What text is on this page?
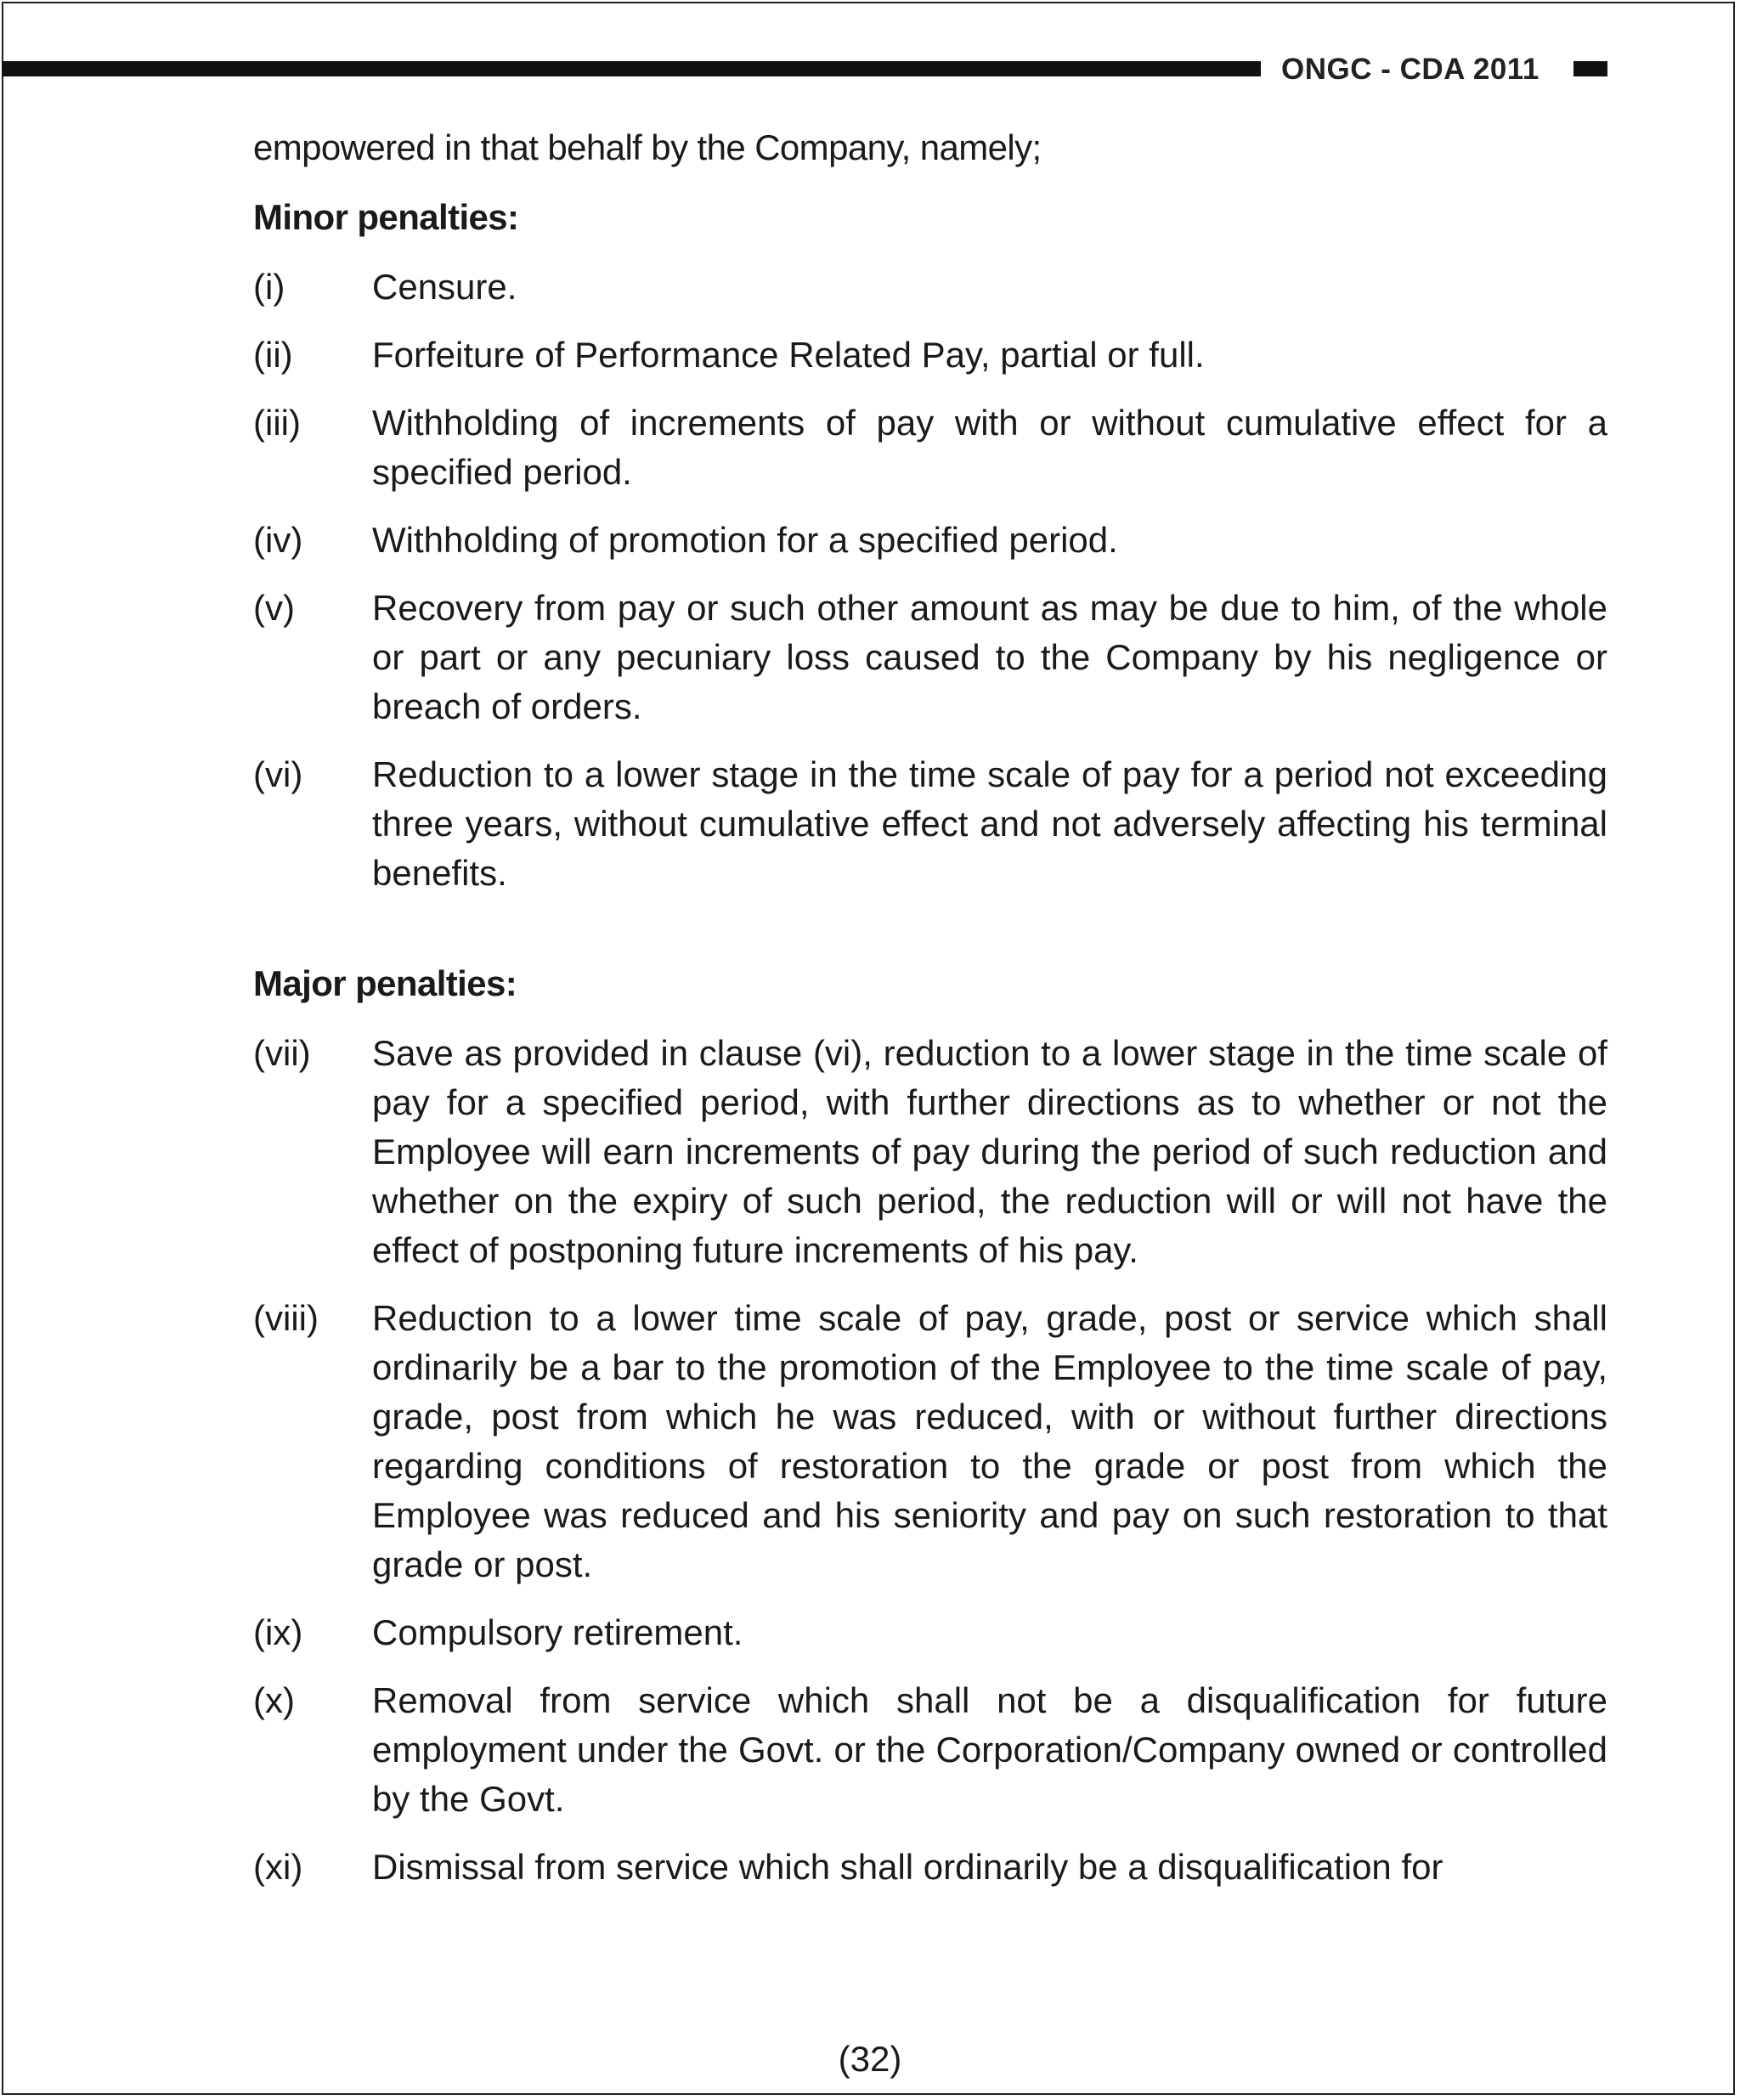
ONGC - CDA 2011

empowered in that behalf by the Company, namely;

Minor penalties:
(i)	Censure.
(ii)	Forfeiture of Performance Related Pay, partial or full.
(iii)	Withholding of increments of pay with or without cumulative effect for a specified period.
(iv)	Withholding of promotion for a specified period.
(v)	Recovery from pay or such other amount as may be due to him, of the whole or part or any pecuniary loss caused to the Company by his negligence or breach of orders.
(vi)	Reduction to a lower stage in the time scale of pay for a period not exceeding three years, without cumulative effect and not adversely affecting his terminal benefits.
Major penalties:
(vii)	Save as provided in clause (vi), reduction to a lower stage in the time scale of pay for a specified period, with further directions as to whether or not the Employee will earn increments of pay during the period of such reduction and whether on the expiry of such period, the reduction will or will not have the effect of postponing future increments of his pay.
(viii)	Reduction to a lower time scale of pay, grade, post or service which shall ordinarily be a bar to the promotion of the Employee to the time scale of pay, grade, post from which he was reduced, with or without further directions regarding conditions of restoration to the grade or post from which the Employee was reduced and his seniority and pay on such restoration to that grade or post.
(ix)	Compulsory retirement.
(x)	Removal from service which shall not be a disqualification for future employment under the Govt. or the Corporation/Company owned or controlled by the Govt.
(xi)	Dismissal from service which shall ordinarily be a disqualification for
(32)
